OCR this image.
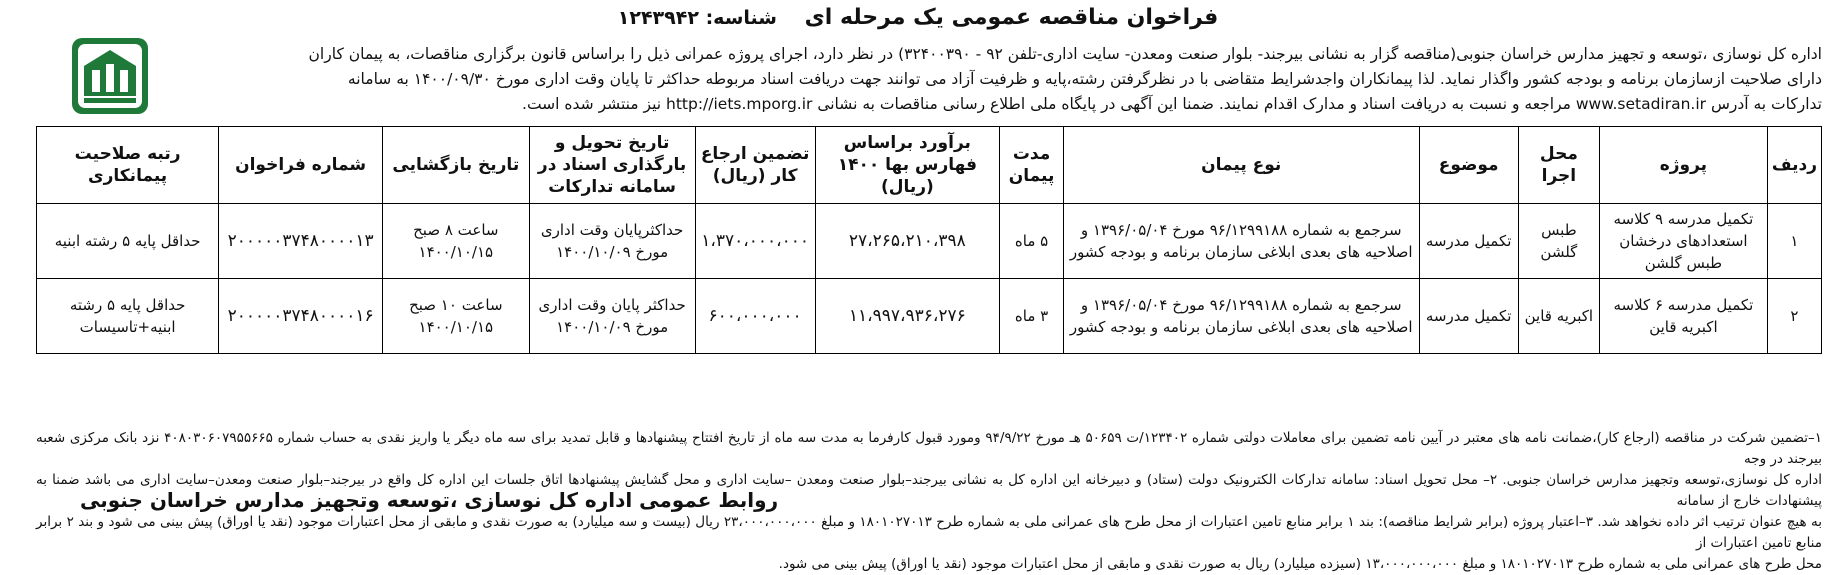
فراخوان مناقصه عمومی یک مرحله ای شناسه: ۱۲۴۳۹۴۲
اداره کل نوسازی ،توسعه و تجهیز مدارس خراسان جنوبی(مناقصه گزار به نشانی بیرجند- بلوار صنعت ومعدن- سایت اداری-تلفن ۹۲ - ۳۲۴۰۰۳۹۰) در نظر دارد، اجرای پروژه عمرانی ذیل را براساس قانون برگزاری مناقصات، به پیمان کاران
دارای صلاحیت ازسازمان برنامه و بودجه کشور واگذار نماید. لذا پیمانکاران واجدشرایط متقاضی با در نظرگرفتن رشته،پایه و ظرفیت آزاد می توانند جهت دریافت اسناد مربوطه حداکثر تا پایان وقت اداری مورخ ۱۴۰۰/۰۹/۳۰ به سامانه
تدارکات به آدرس www.setadiran.ir مراجعه و نسبت به دریافت اسناد و مدارک اقدام نمایند. ضمنا این آگهی در پایگاه ملی اطلاع رسانی مناقصات به نشانی http://iets.mporg.ir نیز منتشر شده است.
ردیف	پروژه	محل اجرا	موضوع	نوع پیمان	مدت پیمان	برآورد براساس فهارس بها ۱۴۰۰ (ریال)	تضمین ارجاع کار (ریال)	تاریخ تحویل و بارگذاری اسناد در سامانه تدارکات	تاریخ بازگشایی	شماره فراخوان	رتبه صلاحیت پیمانکاری
۱	تکمیل مدرسه ۹ کلاسه استعدادهای درخشان طبس گلشن	طبس گلشن	تکمیل مدرسه	سرجمع به شماره ۹۶/۱۲۹۹۱۸۸ مورخ ۱۳۹۶/۰۵/۰۴ و اصلاحیه های بعدی ابلاغی سازمان برنامه و بودجه کشور	۵ ماه	۲۷،۲۶۵،۲۱۰،۳۹۸	۱،۳۷۰،۰۰۰،۰۰۰	حداکثرپایان وقت اداری مورخ ۱۴۰۰/۱۰/۰۹	ساعت ۸ صبح ۱۴۰۰/۱۰/۱۵	۲۰۰۰۰۰۳۷۴۸۰۰۰۰۱۳	حداقل پایه ۵ رشته ابنیه
۲	تکمیل مدرسه ۶ کلاسه اکبریه قاین	اکبریه قاین	تکمیل مدرسه	سرجمع به شماره ۹۶/۱۲۹۹۱۸۸ مورخ ۱۳۹۶/۰۵/۰۴ و اصلاحیه های بعدی ابلاغی سازمان برنامه و بودجه کشور	۳ ماه	۱۱،۹۹۷،۹۳۶،۲۷۶	۶۰۰،۰۰۰،۰۰۰	حداکثر پایان وقت اداری مورخ ۱۴۰۰/۱۰/۰۹	ساعت ۱۰ صبح ۱۴۰۰/۱۰/۱۵	۲۰۰۰۰۰۳۷۴۸۰۰۰۰۱۶	حداقل پایه ۵ رشته ابنیه+تاسیسات
۱–تضمین شرکت در مناقصه (ارجاع کار)،ضمانت نامه های معتبر در آیین نامه تضمین برای معاملات دولتی شماره ۱۲۳۴۰۲/ت ۵۰۶۵۹ هـ مورخ ۹۴/۹/۲۲ ومورد قبول کارفرما به مدت سه ماه از تاریخ افتتاح پیشنهادها و قابل تمدید برای سه ماه دیگر یا واریز نقدی به حساب شماره ۴۰۸۰۳۰۶۰۷۹۵۵۶۶۵ نزد بانک مرکزی شعبه بیرجند در وجه
اداره کل نوسازی،توسعه وتجهیز مدارس خراسان جنوبی. ۲– محل تحویل اسناد: سامانه تدارکات الکترونیک دولت (ستاد) و دبیرخانه این اداره کل به نشانی بیرجند–بلوار صنعت ومعدن –سایت اداری و محل گشایش پیشنهادها اتاق جلسات این اداره کل واقع در بیرجند–بلوار صنعت ومعدن–سایت اداری می باشد ضمنا به پیشنهادات خارج از سامانه
به هیچ عنوان ترتیب اثر داده نخواهد شد. ۳–اعتبار پروژه (برابر شرایط مناقصه): بند ۱ برابر منابع تامین اعتبارات از محل طرح های عمرانی ملی به شماره طرح ۱۸۰۱۰۲۷۰۱۳ و مبلغ ۲۳،۰۰۰،۰۰۰،۰۰۰ ریال (بیست و سه میلیارد) به صورت نقدی و مابقی از محل اعتبارات موجود (نقد یا اوراق) پیش بینی می شود و بند ۲ برابر منابع تامین اعتبارات از
محل طرح های عمرانی ملی به شماره طرح ۱۸۰۱۰۲۷۰۱۳ و مبلغ ۱۳،۰۰۰،۰۰۰،۰۰۰ (سیزده میلیارد) ریال به صورت نقدی و مابقی از محل اعتبارات موجود (نقد یا اوراق) پیش بینی می شود.
روابط عمومی اداره کل نوسازی ،توسعه وتجهیز مدارس خراسان جنوبی
